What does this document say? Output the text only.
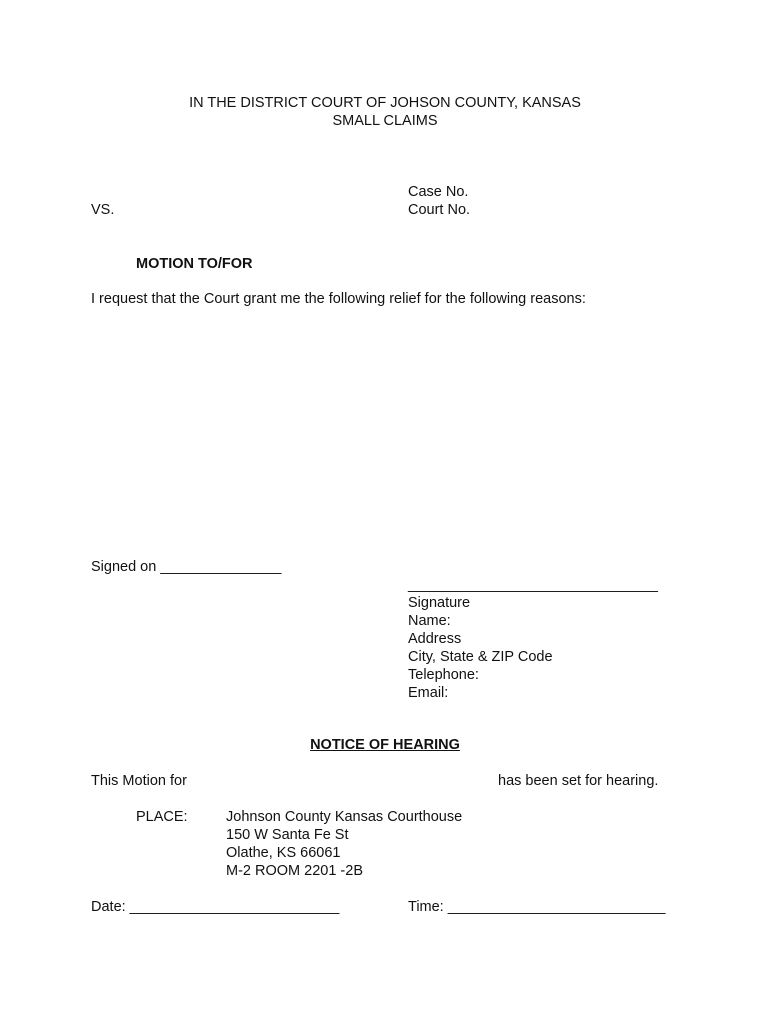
IN THE DISTRICT COURT OF JOHSON COUNTY, KANSAS
SMALL CLAIMS
Case No.
VS.	Court No.
MOTION TO/FOR
I request that the Court grant me the following relief for the following reasons:
Signed on _______________
_______________________________
Signature
Name:
Address
City, State & ZIP Code
Telephone:
Email:
NOTICE OF HEARING
This Motion for	has been set for hearing.
PLACE:	Johnson County Kansas Courthouse
150 W Santa Fe St
Olathe, KS 66061
M-2 ROOM 2201 -2B
Date: __________________________	Time: ___________________________
